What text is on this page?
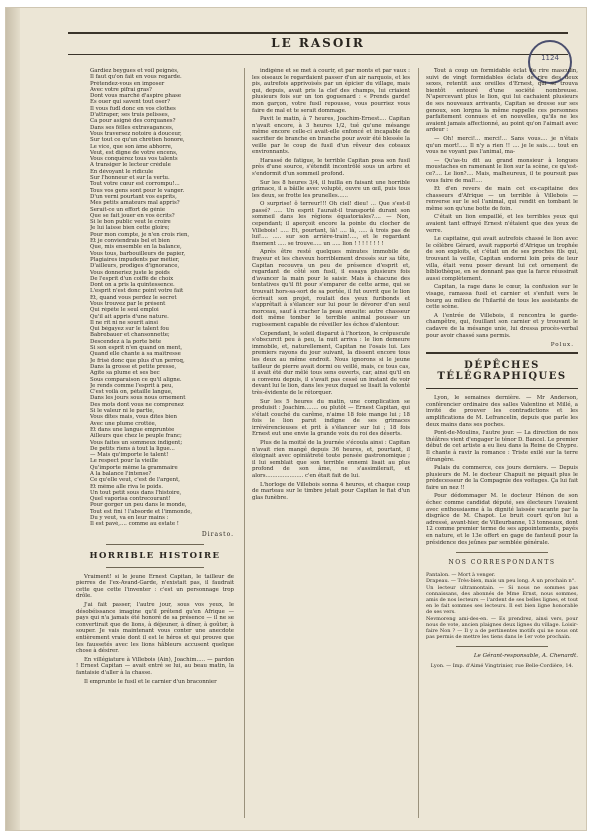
LE RASOIR
1124
Gardiez beygues et voil peignés,
Il faut qu'on fait en vous regarde.
Prétendez-vous en imposer
Avec votre pifrai gras?
Dont vous marché d'aspire phase
Es ouer qui savent tout oser?
Il vous fudl donc en vos clothes
D'attraper, ses truis pelisses,
Ca pour asigné des corquanes?
Dans ses fêlles extravagances,
Vous traversez notoire à douceur,
Sur tout ce qu'un chrétien honore,
Le vice, que son âme abhorre,
Veut, est digne de votre encens,
Vous conquérez tous vos talents
A transiger le lecteur crédule
En dévoyant le ridicule
Sur l'honneur et sur la vertu.
Tout votre cœur est corrompu!...
Tous vos gens sont pour le vanger.
D'un verni pourtant vos esprits,
Mes petits amateurs mal appris?
Serait-ce un effort de génie
Que se fait jouer en vos écrits?
Si le bon public veut le croire
Je lui laisse bien cette gloire;
Pour mon compte, je n'en crois rien,
Et je conviendrais bel et bien
Que, mis ensemble en la balance,
Vous tous, barbouilleurs de papier,
Plagiaires impudents par métier,
D'ailleurs, prodiges d'ignorance,
Vous donneriez juste le poids
De l'esprit d'un coiffé de choix
Dont on a pris la quintessence.
L'esprit n'est donc point votre fait
Et, quand vous perdez le secret
Vous trouvez par le présent
Qui répète le seul emploi
Qu'il ait appris d'une nature.
Il ne rit ni ne sourit ainsi
Qui bégayez sur le talent fou
Babrebauer et chansonnette;
Descendez à la porte bête
Si son esprit n'en quand on ment,
Quand elle chante à sa maîtresse
Je frisé donc que plus d'un perroq,
Dans la grosse et petite presse,
Agite sa plume et ses bec
Sous comparaison ce qu'il aligne.
Je rends comme l'esprit à peu,
C'est voilà on, pétaille langue,
Dans les jours sous nous ornement
Des mots dont vous ne comprenez
Si le valeur ni le partie,
Vous dîtes mais, vous dîtes bien
Avec une plume crottée,
Et dans une langue empruntée
Ailleurs que chez le peuple franc;
Vous faites un sommeux indigent;
De petits riens à tout la ligue...
— Mais qu'importe le talent!
Le respect pour la vieille
Qu'importe même la grammaire
A la balance l'intense?
Ce qu'elle veut, c'est de l'argent,
Et même alle riva le poids.
Un tout petit sous dans l'histoire,
Quel vaporisa contrecourant!
Pour gorger un peu dans le monde,
Tout est fini ! l'absorde et l'immonde,
Du y veut, va en leur mains :
Il est pavé,.... comme au estate !
Dirasto.
HORRIBLE HISTOIRE
Vraiment! si le jeune Ernest Capitan, le tailleur de pierres de l'ex-Avand-Garde, n'existait pas, il faudrait cette que cette l'inventer : c'est un personnage trop drôle.
J'ai fait passer, l'autre jour, sous vos yeux, le désobéissance imagine qu'il prétend qu'en Afrique — pays qui n'a jamais été honoré de sa présence — il ne se convertirait que de lions, à déjeuner, à dîner, à goûter, à souper. Je vais maintenant vous conter une anecdote entièrement vraie dont il est le héros et qui prouve que les faussetés avec les lions hâbleurs accusent quelque chose à désirer.
En villégiature à Villebois (Ain), Joachim..... — pardon ! Ernest Capitan — avait entré se lui, au beau matin, la fantaisie d'aller à la chasse.
Il emprunte le fusil et le carnier d'un braconnier
indigène et se met à courir, et par monts et par vaux : les oiseaux le regardaient passer d'un air narquois, et les pis, autrefois apprivoisés par un épicier du village, mais qui, depuis, avait pris la clef des champs, lui criaient plusieurs fois sur un ton goguenard : « Prends garde! mon garçon, votre fusil repousse, vous pourriez vous faire de mal et te serait dommage.
Pavit le matin, à 7 heures, Joachim-Ernest.... Capitan n'avait encore, à 3 heures 1/2, tué qu'une mésange même encore celle-ci avait-elle enfoncé et incapable de sacrifier de branche en branche pour avoir été blessée la veille par le coup de fusil d'un rêveur des coteaux environnants.
Harassé de fatigue, le terrible Capitan posa son fusil près d'une source, s'étendit incontrôlé sous un arbre et s'endormit d'un sommeil profond.
Sur les 8 heures 3/4, il huilla en faisant une horrible grimace, il a bâille avec volupté, ouvre un œil, puis tous les deux, se frotte les prunelles......
O surprise! ô terreur!!! Oh ciel! dieu! ... Que s'est-il passé? ..... Un esprit l'aurait-il transporté durant son sommeil dans les régions équatoriales?.... — Non, cependant; il aperçoit encore la pointe du clocher de Villebois! ..... Et, pourtant, là! .... là, ..... à trois pas de lui!.... ..... sur son arrière-train!...., et le regardant fixement ..... se trouve..... un ..... lion ! ! ! ! ! ! ! !
Après être resté quelques minutes immobile de frayeur et les cheveux horriblement dressés sur sa tête, Capitan recouvra un peu de présence d'esprit et, regardant de côté son fusil, il essaya plusieurs fois d'avancer la main pour le saisir. Mais à chacune des tentatives qu'il fit pour s'emparer de cette arme, qui se trouvait hors-sa-sort de sa portée, il fut ouvrit que le lion écrivait son projet, roulait des yeux furibonds et s'apprêtait à s'élancer sur lui pour le dévorer d'un seul morceau, sauf à cracher la peau ensuite: autre chasseur doit même tomber le terrible animal pousser un rugissement capable de réveiller les échos d'alentour.
Cependant, le soleil disparut à l'horizon, le crépuscule s'obscurcit peu à peu, la nuit arriva : le lion demeure immobile, et, naturellement, Capitan ne l'osais lui. Les premiers rayons du jour suivant, la dissent encore tous les deux au même endroit. Nous ignorons si le jeune tailleur de pierre avait dormi ou veillé, mais, ce tous cas, il avait été dur mêlé tous sens ouverts, car, ainsi qu'il en a convenu depuis, il s'avait pas cessé un instant de voir devant lui le lion, dans les yeux duquel se lisait la volonté très-évidente de le rétorquer.
Sur les 5 heures du matin, une complication se produisit : Joachim........ ou plutôt — Ernest Capitan, qui s'était couché du carême, n'aime 18 foie mange lui ; 18 fois le lion parut indigne de ses grimaces irrévérencieuses et prit à s'élancer sur lui ; 18 fois Ernest eut une envie la grande voix du roi des déserts.
Plus de la moitié de la journée s'écoula ainsi : Capitan n'avait rien mangé depuis 36 heures, et, pourtant, il éloignait avec opiniâtreté toute pensée gastronomique ; il lui semblait que son terrible ennemi lisait au plus profond de son âme, ne s'assimilerait, et alors...................... c'en était fait de lui.
L'horloge de Villebois sonna 4 heures, et chaque coup de marteau sur le timbre jetait pour Capitan le fiat d'un glas funèbre.
Tout à coup un formidable éclat de rire masculin, suivi de vingt formidables éclats de rire des deux sexes, retentit aux oreilles d'Ernest, qui se trouva bientôt entouré d'une société nombreuse. N'apercevant plus le lion, qui lui cachaient plusieurs de ses nouveaux arrivants, Capitan se dresse sur ses genoux, son lorgna la même rappelle ces personnes parfaitement connues et en nouvelles, qu'ils ne les avaient jamais affectionné, au point qu'on l'aimait avec ardeur :
— Oh! merci!... merci!... Sans vous.... je n'étais qu'un mort!..... Il n'y a rien !! .... je le sais..... tout en vous ne voyant pas l'animal, ma-
— Qu'as-tu dit au grand monsieur à longues moustaches en ramenant le lion sur la scène, ce qu'est-ce?.... Le lion?.... Mais, malheureux, il te poursuit pas vous faire de mal!....
Et d'en revers de main cet ex-capitaine des chasseurs d'Afrique — un terrible à Villebois — renverse sur le sol l'animal, qui rendit en tombant le même son qu'une botte de foin.
C'était un lion empaillé, et les terribles yeux qui avaient tant effrayé Ernest n'étaient que des yeux de verre.
Le capitaine, qui avait autrefois chassé le lion avec le célèbre Gérard, avait rapporté d'Afrique un trophée de son exploits, et c'était un de ses proches fils qui, trouvant la veille, Capitan endormi loin près de leur villa, était venu poser devant lui cet ornement de bibliothèque, en se donnant pas que la farce réussirait aussi complètement.
Capitan, la rage dans le cœur, la confusion sur le visage, ramassa fusil et carnier et s'enfuit vers le bourg au milieu de l'hilarité de tous les assistants de cette scène.
A l'entrée de Villebois, il rencontra le garde-champêtre, qui, fouillant son carnier et y trouvant le cadavre de la mésange unie, lui dressa procès-verbal pour avoir chassé sans permis.
Polux.
DÉPÊCHES TÉLÉGRAPHIQUES
Lyon, le semaines dernière. — Mr Anderson, conférencier ordinaire des salles Valentino et Millé, a invité de prouver les contradictions et les amplifications de M. Lefrancelin, depuis que parle les deux mains dans ses poches.
Pont-de-Moulins, l'autre jour. — La direction de nos théâtres vient d'engager le ténor D. Bancel. Le premier début de cet artiste a eu lieu dans la Reine de Chypre. Il chante à ravir la romance : Triste exilé sur la terre étrangère.
Palais du commerce, ces jours derniers. — Depuis plusieurs de M. le docteur Chapuit ne piquait plus le prédecesseur de la Compagnie des voituges. Ça lui fait faire un nez !!
Pour dédommager M. le docteur Hénon de son échec comme candidat député, ses électeurs l'avaient avec enthousiasme à la dignité laissée vacante par la disgrâce de M. Chapot. Le bruit court qu'on lui a adressé, avant-hier, de Villeurbanne, 13 tonneaux, dont 12 comme premier terme de ses appointements, payés en nature, et le 13e offert en gage de fanteuil pour la présidence des jeûnes par semblée générale.
NOS CORRESPONDANTS
Pantalon. — Mort à venger.
Drapeau. — Très-bien, mais un peu long. A un prochain n°.
Un lecteur ultramontain. — Si nous ne sommes pas connaissans, des abonnés de Mme Ernst, nous sommes, amis de nos lecteurs — l'ardent de ses belles lignes, et tout en le fait sommes ses lecteurs. Il est bien ligne honorable de ses vers.
Nevmoreng ami-des-en. — Es prendrez, ainsi vers, pour nous de vote, ancien plaignes deux lignes du village. Loisir-faire Non ? — Il y a de pertinentes motifs qui ne nous ont pas permis de mettre les tiens dans le 1er vote prochain.
Le Gérant-responsable, A. Chenardt.
Lyon. — Imp. d'Aimé Vingtrinier, rue Belle-Cordière, 14.
